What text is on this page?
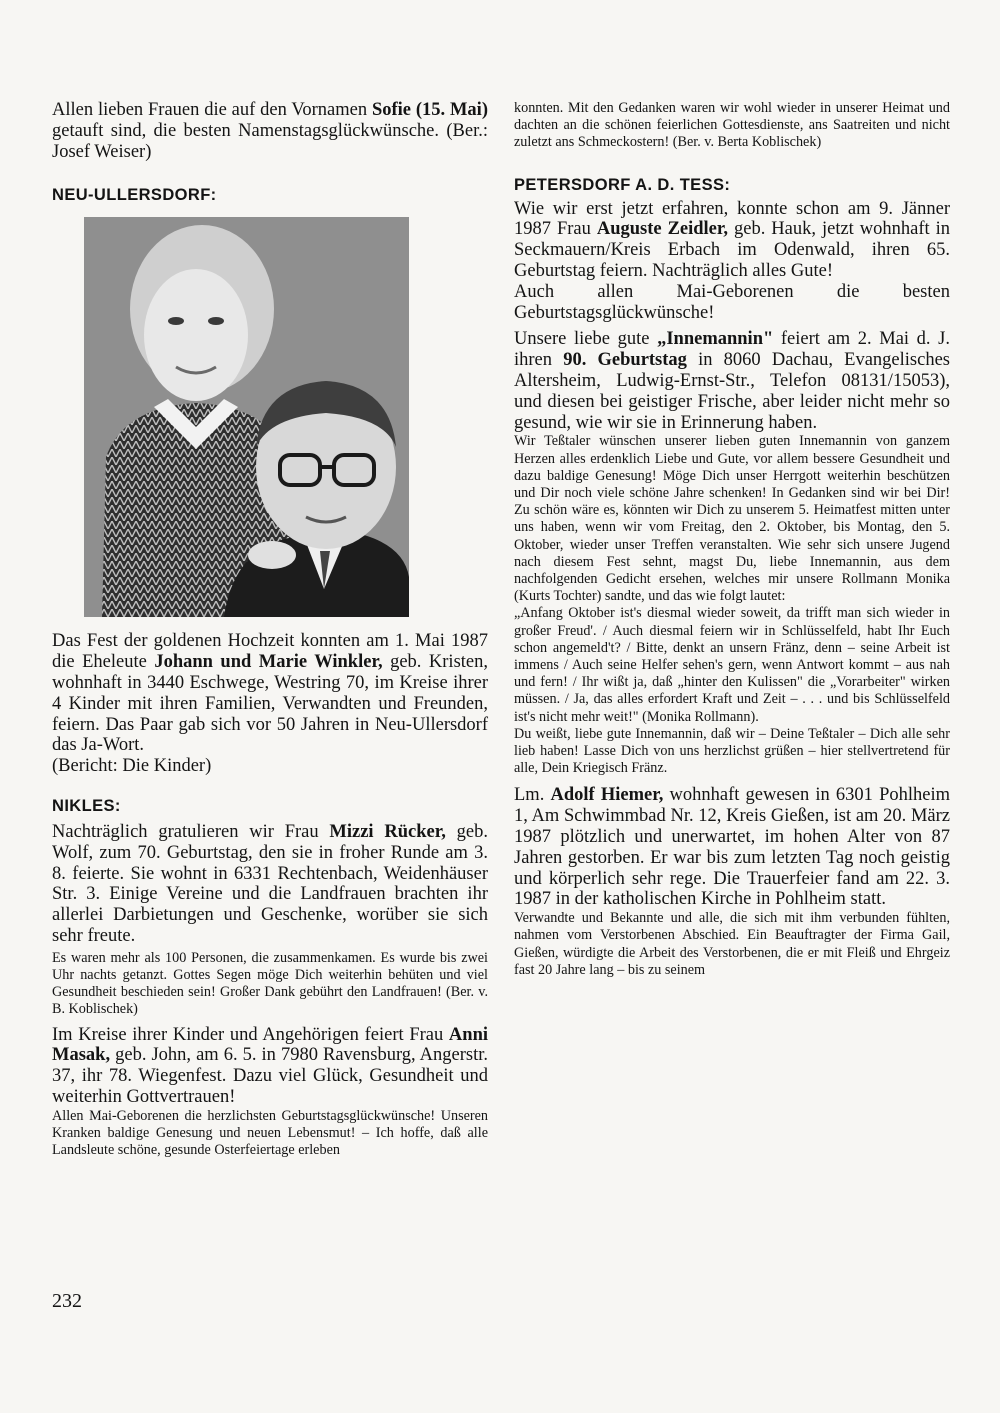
Allen lieben Frauen die auf den Vornamen Sofie (15. Mai) getauft sind, die besten Namenstagsglückwünsche. (Ber.: Josef Weiser)

NEU-ULLERSDORF:

Das Fest der goldenen Hochzeit konnten am 1. Mai 1987 die Eheleute Johann und Marie Winkler, geb. Kristen, wohnhaft in 3440 Eschwege, Westring 70, im Kreise ihrer 4 Kinder mit ihren Familien, Verwandten und Freunden, feiern. Das Paar gab sich vor 50 Jahren in Neu-Ullersdorf das Ja-Wort.
(Bericht: Die Kinder)

NIKLES:

Nachträglich gratulieren wir Frau Mizzi Rücker, geb. Wolf, zum 70. Geburtstag, den sie in froher Runde am 3. 8. feierte. Sie wohnt in 6331 Rechtenbach, Weidenhäuser Str. 3. Einige Vereine und die Landfrauen brachten ihr allerlei Darbietungen und Geschenke, worüber sie sich sehr freute.

Es waren mehr als 100 Personen, die zusammenkamen. Es wurde bis zwei Uhr nachts getanzt. Gottes Segen möge Dich weiterhin behüten und viel Gesundheit beschieden sein! Großer Dank gebührt den Landfrauen! (Ber. v. B. Koblischek)

Im Kreise ihrer Kinder und Angehörigen feiert Frau Anni Masak, geb. John, am 6. 5. in 7980 Ravensburg, Angerstr. 37, ihr 78. Wiegenfest. Dazu viel Glück, Gesundheit und weiterhin Gottvertrauen!

Allen Mai-Geborenen die herzlichsten Geburtstagsglückwünsche! Unseren Kranken baldige Genesung und neuen Lebensmut! – Ich hoffe, daß alle Landsleute schöne, gesunde Osterfeiertage erleben

konnten. Mit den Gedanken waren wir wohl wieder in unserer Heimat und dachten an die schönen feierlichen Gottesdienste, ans Saatreiten und nicht zuletzt ans Schmeckostern! (Ber. v. Berta Koblischek)

PETERSDORF A. D. TESS:

Wie wir erst jetzt erfahren, konnte schon am 9. Jänner 1987 Frau Auguste Zeidler, geb. Hauk, jetzt wohnhaft in Seckmauern/Kreis Erbach im Odenwald, ihren 65. Geburtstag feiern. Nachträglich alles Gute!
Auch allen Mai-Geborenen die besten Geburtstagsglückwünsche!

Unsere liebe gute „Innemannin" feiert am 2. Mai d. J. ihren 90. Geburtstag in 8060 Dachau, Evangelisches Altersheim, Ludwig-Ernst-Str., Telefon 08131/15053), und diesen bei geistiger Frische, aber leider nicht mehr so gesund, wie wir sie in Erinnerung haben.

Wir Teßtaler wünschen unserer lieben guten Innemannin von ganzem Herzen alles erdenklich Liebe und Gute, vor allem bessere Gesundheit und dazu baldige Genesung! Möge Dich unser Herrgott weiterhin beschützen und Dir noch viele schöne Jahre schenken! In Gedanken sind wir bei Dir! Zu schön wäre es, könnten wir Dich zu unserem 5. Heimatfest mitten unter uns haben, wenn wir vom Freitag, den 2. Oktober, bis Montag, den 5. Oktober, wieder unser Treffen veranstalten. Wie sehr sich unsere Jugend nach diesem Fest sehnt, magst Du, liebe Innemannin, aus dem nachfolgenden Gedicht ersehen, welches mir unsere Rollmann Monika (Kurts Tochter) sandte, und das wie folgt lautet:

„Anfang Oktober ist's diesmal wieder soweit, da trifft man sich wieder in großer Freud'. / Auch diesmal feiern wir in Schlüsselfeld, habt Ihr Euch schon angemeld't? / Bitte, denkt an unsern Fränz, denn – seine Arbeit ist immens / Auch seine Helfer sehen's gern, wenn Antwort kommt – aus nah und fern! / Ihr wißt ja, daß „hinter den Kulissen" die „Vorarbeiter" wirken müssen. / Ja, das alles erfordert Kraft und Zeit – . . . und bis Schlüsselfeld ist's nicht mehr weit!" (Monika Rollmann).

Du weißt, liebe gute Innemannin, daß wir – Deine Teßtaler – Dich alle sehr lieb haben! Lasse Dich von uns herzlichst grüßen – hier stellvertretend für alle, Dein Kriegisch Fränz.

Lm. Adolf Hiemer, wohnhaft gewesen in 6301 Pohlheim 1, Am Schwimmbad Nr. 12, Kreis Gießen, ist am 20. März 1987 plötzlich und unerwartet, im hohen Alter von 87 Jahren gestorben. Er war bis zum letzten Tag noch geistig und körperlich sehr rege. Die Trauerfeier fand am 22. 3. 1987 in der katholischen Kirche in Pohlheim statt.

Verwandte und Bekannte und alle, die sich mit ihm verbunden fühlten, nahmen vom Verstorbenen Abschied. Ein Beauftragter der Firma Gail, Gießen, würdigte die Arbeit des Verstorbenen, die er mit Fleiß und Ehrgeiz fast 20 Jahre lang – bis zu seinem

232
